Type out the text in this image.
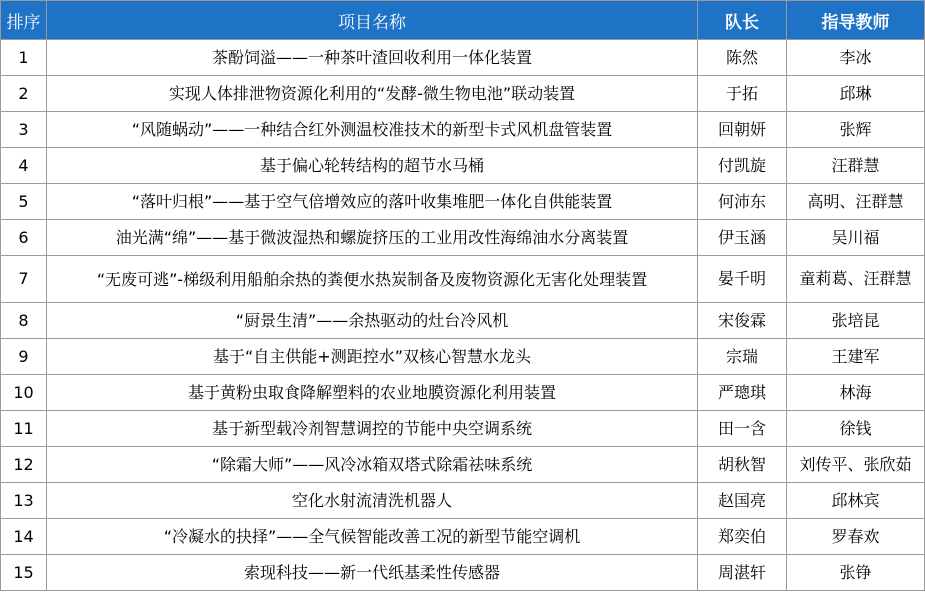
排序	项目名称	队长	指导教师
1	茶酚饲溢——一种茶叶渣回收利用一体化装置	陈然	李冰
2	实现人体排泄物资源化利用的“发酵-微生物电池”联动装置	于拓	邱琳
3	“风随蜗动”——一种结合红外测温校准技术的新型卡式风机盘管装置	回朝妍	张辉
4	基于偏心轮转结构的超节水马桶	付凯旋	汪群慧
5	“落叶归根”——基于空气倍增效应的落叶收集堆肥一体化自供能装置	何沛东	高明、汪群慧
6	油光满“绵”——基于微波湿热和螺旋挤压的工业用改性海绵油水分离装置	伊玉涵	吴川福
7	“无废可逃”-梯级利用船舶余热的粪便水热炭制备及废物资源化无害化处理装置	晏千明	童莉葛、汪群慧
8	“厨景生清”——余热驱动的灶台冷风机	宋俊霖	张培昆
9	基于“自主供能+测距控水”双核心智慧水龙头	宗瑞	王建军
10	基于黄粉虫取食降解塑料的农业地膜资源化利用装置	严璁琪	林海
11	基于新型载冷剂智慧调控的节能中央空调系统	田一含	徐钱
12	“除霜大师”——风冷冰箱双塔式除霜祛味系统	胡秋智	刘传平、张欣茹
13	空化水射流清洗机器人	赵国亮	邱林宾
14	“冷凝水的抉择”——全气候智能改善工况的新型节能空调机	郑奕伯	罗春欢
15	索现科技——新一代纸基柔性传感器	周湛轩	张铮
